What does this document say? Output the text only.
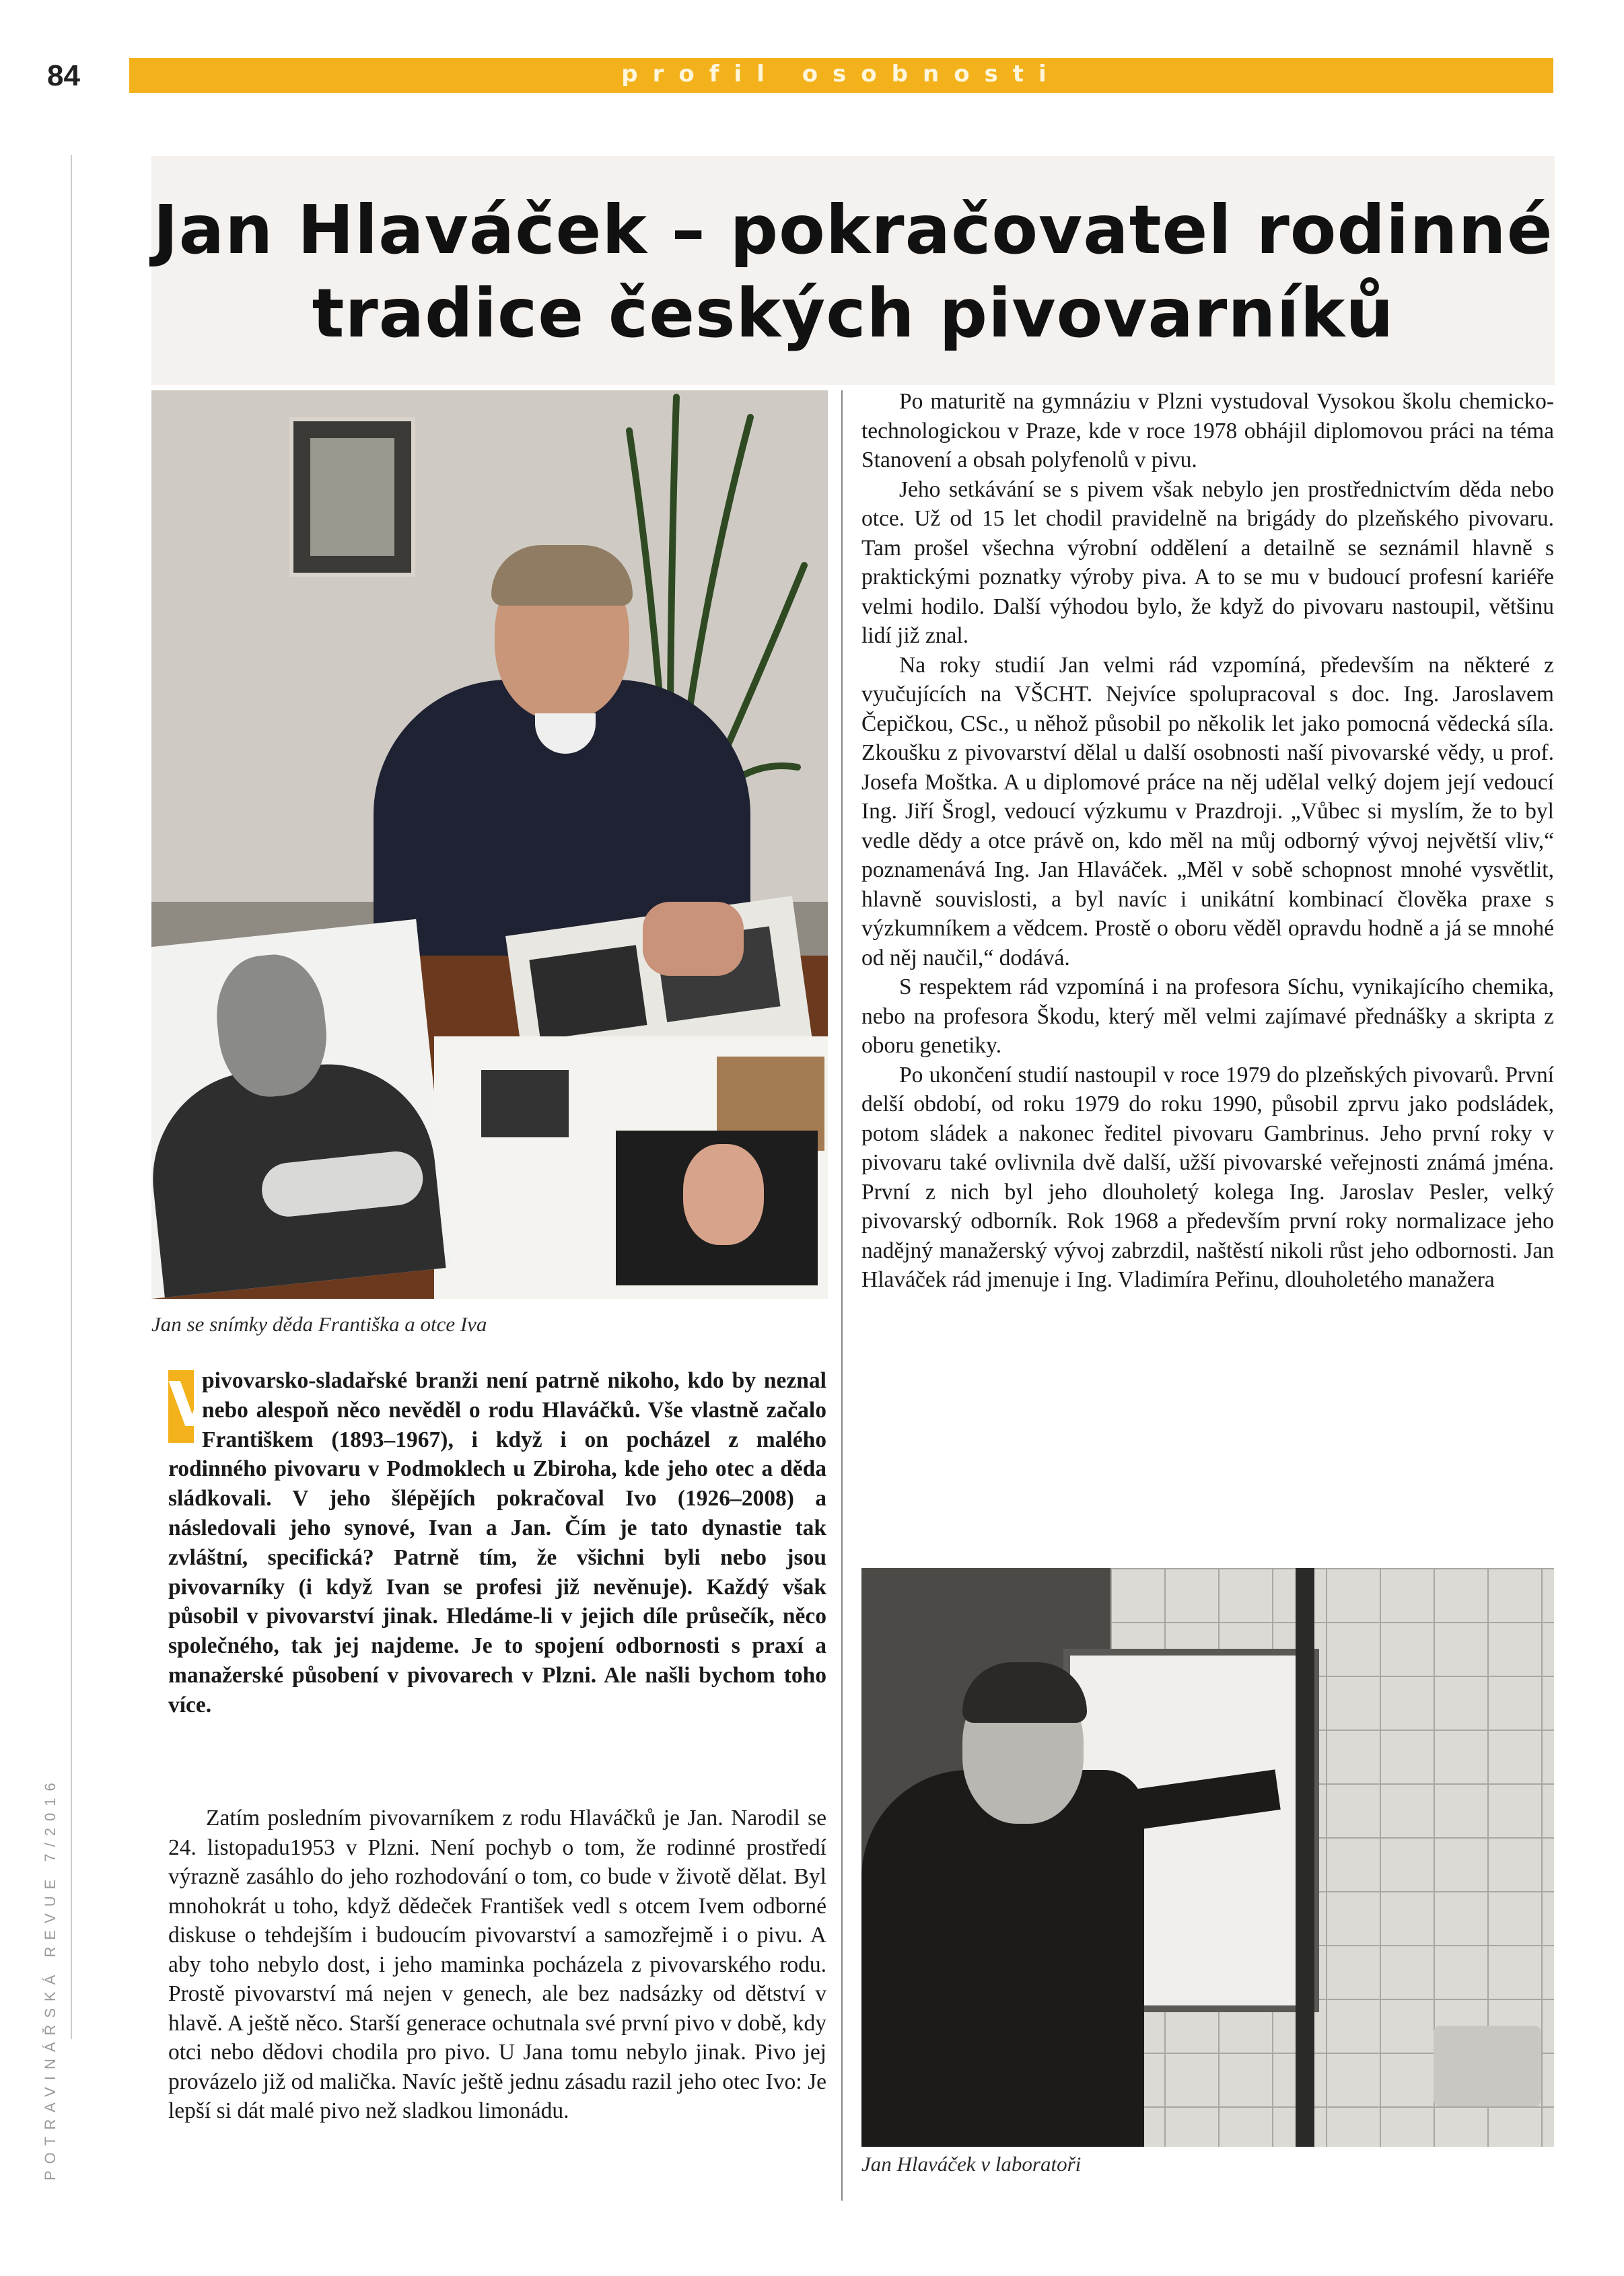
84	profil osobnosti
POTRAVINÁŘSKÁ REVUE 7/2016
Jan Hlaváček – pokračovatel rodinné tradice českých pivovarníků
Jan se snímky děda Františka a otce Iva

V
pivovarsko-sladařské branži není patrně nikoho, kdo by neznal nebo alespoň něco nevěděl o rodu Hlaváčků. Vše vlastně začalo Františkem (1893–1967), i když i on pocházel z malého rodinného pivovaru v Podmoklech u Zbiroha, kde jeho otec a děda sládkovali. V jeho šlépějích pokračoval Ivo (1926–2008) a následovali jeho synové, Ivan a Jan. Čím je tato dynastie tak zvláštní, specifická? Patrně tím, že všichni byli nebo jsou pivovarníky (i když Ivan se profesi již nevěnuje). Každý však působil v pivovarství jinak. Hledáme-li v jejich díle průsečík, něco společného, tak jej najdeme. Je to spojení odbornosti s praxí a manažerské působení v pivovarech v Plzni. Ale našli bychom toho více.

Zatím posledním pivovarníkem z rodu Hlaváčků je Jan. Narodil se 24. listopadu1953 v Plzni. Není pochyb o tom, že rodinné prostředí výrazně zasáhlo do jeho rozhodování o tom, co bude v životě dělat. Byl mnohokrát u toho, když dědeček František vedl s otcem Ivem odborné diskuse o tehdejším i budoucím pivovarství a samozřejmě i o pivu. A aby toho nebylo dost, i jeho maminka pocházela z pivovarského rodu. Prostě pivovarství má nejen v genech, ale bez nadsázky od dětství v hlavě. A ještě něco. Starší generace ochutnala své první pivo v době, kdy otci nebo dědovi chodila pro pivo. U Jana tomu nebylo jinak. Pivo jej provázelo již od malička. Navíc ještě jednu zásadu razil jeho otec Ivo: Je lepší si dát malé pivo než sladkou limonádu.

Po maturitě na gymnáziu v Plzni vystudoval Vysokou školu chemicko-technologickou v Praze, kde v roce 1978 obhájil diplomovou práci na téma Stanovení a obsah polyfenolů v pivu.

Jeho setkávání se s pivem však nebylo jen prostřednictvím děda nebo otce. Už od 15 let chodil pravidelně na brigády do plzeňského pivovaru. Tam prošel všechna výrobní oddělení a detailně se seznámil hlavně s praktickými poznatky výroby piva. A to se mu v budoucí profesní kariéře velmi hodilo. Další výhodou bylo, že když do pivovaru nastoupil, většinu lidí již znal.

Na roky studií Jan velmi rád vzpomíná, především na některé z vyučujících na VŠCHT. Nejvíce spolupracoval s doc. Ing. Jaroslavem Čepičkou, CSc., u něhož působil po několik let jako pomocná vědecká síla. Zkoušku z pivovarství dělal u další osobnosti naší pivovarské vědy, u prof. Josefa Moštka. A u diplomové práce na něj udělal velký dojem její vedoucí Ing. Jiří Šrogl, vedoucí výzkumu v Prazdroji. „Vůbec si myslím, že to byl vedle dědy a otce právě on, kdo měl na můj odborný vývoj největší vliv,“ poznamenává Ing. Jan Hlaváček. „Měl v sobě schopnost mnohé vysvětlit, hlavně souvislosti, a byl navíc i unikátní kombinací člověka praxe s výzkumníkem a vědcem. Prostě o oboru věděl opravdu hodně a já se mnohé od něj naučil,“ dodává.

S respektem rád vzpomíná i na profesora Síchu, vynikajícího chemika, nebo na profesora Škodu, který měl velmi zajímavé přednášky a skripta z oboru genetiky.

Po ukončení studií nastoupil v roce 1979 do plzeňských pivovarů. První delší období, od roku 1979 do roku 1990, působil zprvu jako podsládek, potom sládek a nakonec ředitel pivovaru Gambrinus. Jeho první roky v pivovaru také ovlivnila dvě další, užší pivovarské veřejnosti známá jména. První z nich byl jeho dlouholetý kolega Ing. Jaroslav Pesler, velký pivovarský odborník. Rok 1968 a především první roky normalizace jeho nadějný manažerský vývoj zabrzdil, naštěstí nikoli růst jeho odbornosti. Jan Hlaváček rád jmenuje i Ing. Vladimíra Peřinu, dlouholetého manažera

Jan Hlaváček v laboratoři
